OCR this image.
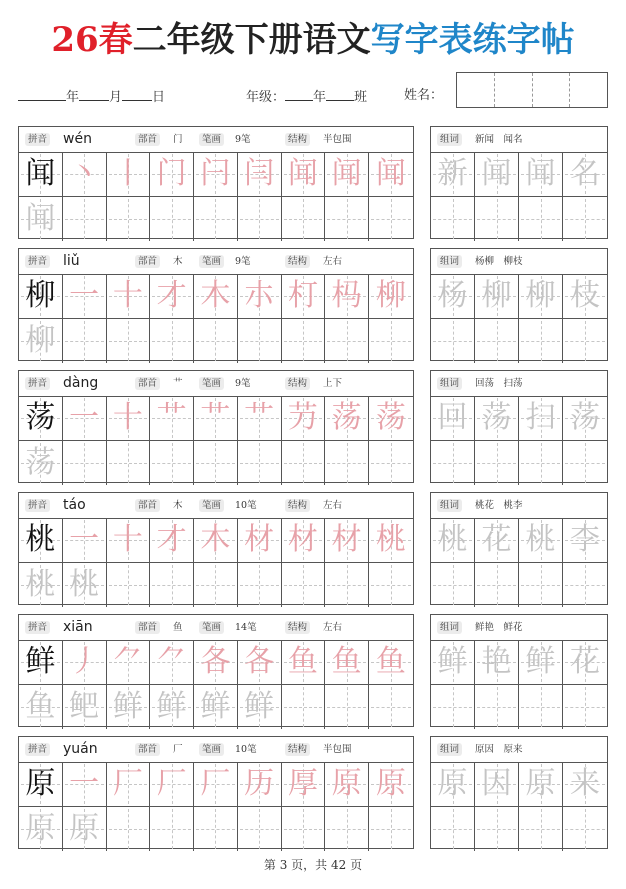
26春二年级下册语文写字表练字帖
年 月 日	年级： 年 班	姓名：
拼音 wén	部首	门	笔画	9笔	结构	半包围
闻 丶 丨 门 闩 闫 闻 闻 闻
闻
组词	新闻　闻名
新 闻 闻 名
拼音 liǔ	部首	木	笔画	9笔	结构	左右
柳 一 十 才 木 朩 朾 杩 柳
柳
组词	杨柳　柳枝
杨 柳 柳 枝
拼音 dàng	部首	艹	笔画	9笔	结构	上下
荡 一 十 艹 艹 艹 芀 荡 荡
荡
组词	回荡　扫荡
回 荡 扫 荡
拼音 táo	部首	木	笔画	10笔	结构	左右
桃 一 十 才 木 材 材 材 桃
桃 桃
组词	桃花　桃李
桃 花 桃 李
拼音 xiān	部首	鱼	笔画	14笔	结构	左右
鲜 丿 ⺈ ⺈ 各 各 鱼 鱼 鱼
鱼 鲃 鲜 鲜 鲜 鲜
组词	鲜艳　鲜花
鲜 艳 鲜 花
拼音 yuán	部首	厂	笔画	10笔	结构	半包围
原 一 厂 厂 厂 历 厚 原 原
原 原
组词	原因　原来
原 因 原 来
第 3 页，共 42 页
